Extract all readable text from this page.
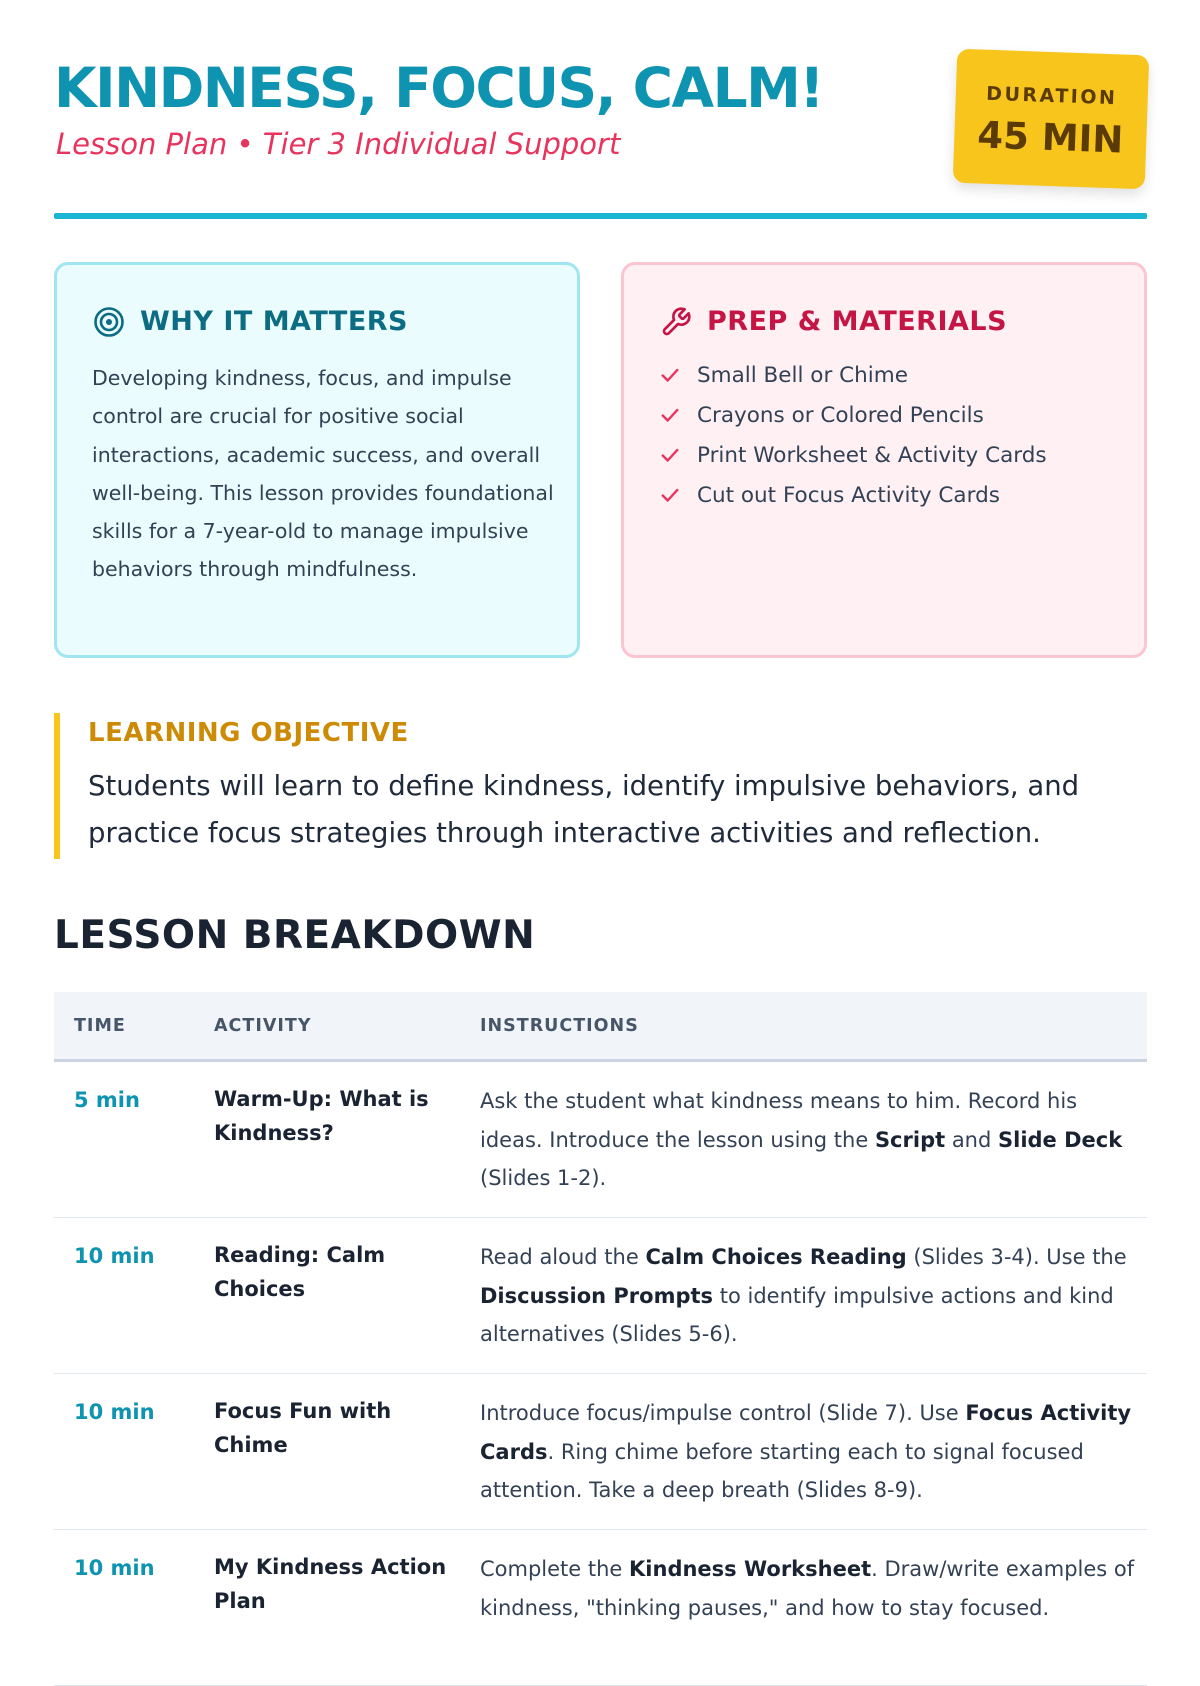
KINDNESS, FOCUS, CALM!
Lesson Plan • Tier 3 Individual Support
DURATION
45 MIN
WHY IT MATTERS

Developing kindness, focus, and impulse control are crucial for positive social interactions, academic success, and overall well-being. This lesson provides foundational skills for a 7-year-old to manage impulsive behaviors through mindfulness.

PREP & MATERIALS
Small Bell or Chime
Crayons or Colored Pencils
Print Worksheet & Activity Cards
Cut out Focus Activity Cards
LEARNING OBJECTIVE

Students will learn to define kindness, identify impulsive behaviors, and practice focus strategies through interactive activities and reflection.

LESSON BREAKDOWN
TIME	ACTIVITY	INSTRUCTIONS
5 min	Warm-Up: What is Kindness?
Ask the student what kindness means to him. Record his ideas. Introduce the lesson using the Script and Slide Deck (Slides 1-2).
10 min	Reading: Calm Choices
Read aloud the Calm Choices Reading (Slides 3-4). Use the Discussion Prompts to identify impulsive actions and kind alternatives (Slides 5-6).
10 min	Focus Fun with Chime
Introduce focus/impulse control (Slide 7). Use Focus Activity Cards. Ring chime before starting each to signal focused attention. Take a deep breath (Slides 8-9).
10 min	My Kindness Action Plan
Complete the Kindness Worksheet. Draw/write examples of kindness, "thinking pauses," and how to stay focused.
